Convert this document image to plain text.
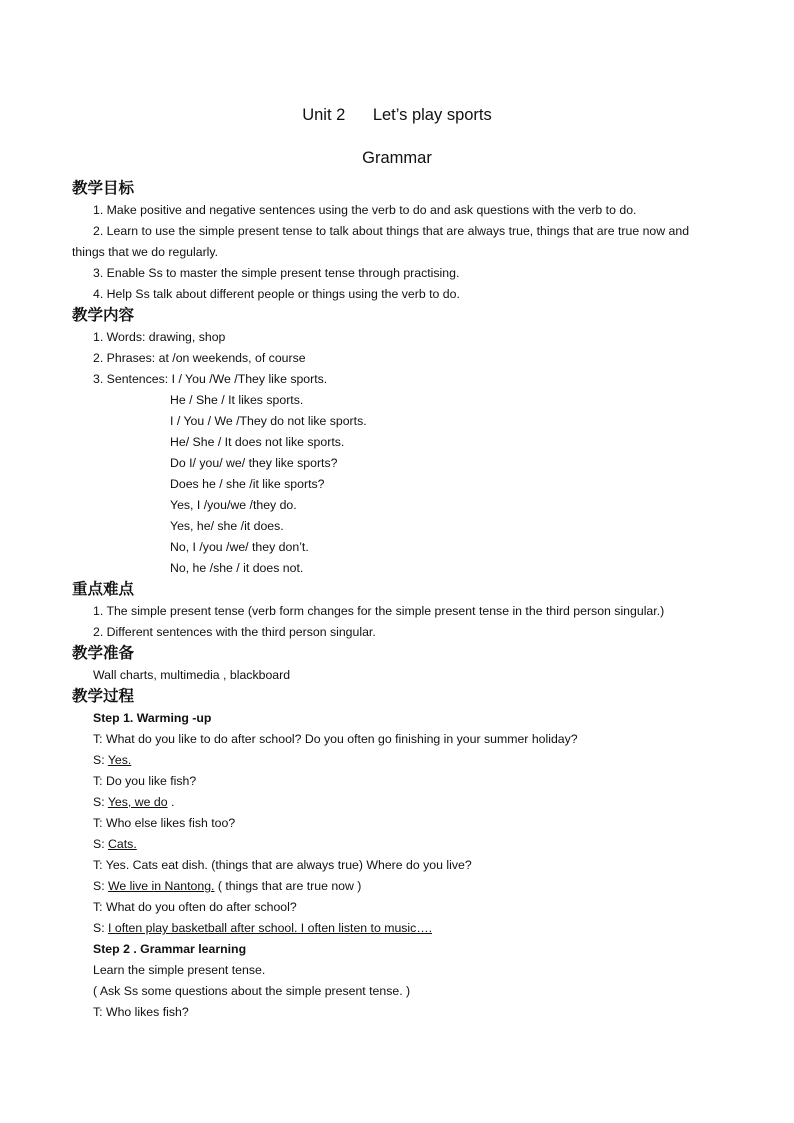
Unit 2      Let’s play sports
Grammar
教学目标
1. Make positive and negative sentences using the verb to do and ask questions with the verb to do.
2. Learn to use the simple present tense to talk about things that are always true, things that are true now and things that we do regularly.
3. Enable Ss to master the simple present tense through practising.
4. Help Ss talk about different people or things using the verb to do.
教学内容
1. Words: drawing, shop
2. Phrases: at /on weekends, of course
3. Sentences: I / You /We /They like sports.
He / She / It likes sports.
I / You / We /They do not like sports.
He/ She / It does not like sports.
Do I/ you/ we/ they like sports?
Does he / she /it like sports?
Yes, I /you/we /they do.
Yes, he/ she /it does.
No, I /you /we/ they don’t.
No, he /she / it does not.
重点难点
1. The simple present tense (verb form changes for the simple present tense in the third person singular.)
2. Different sentences with the third person singular.
教学准备
Wall charts, multimedia , blackboard
教学过程
Step 1. Warming -up
T: What do you like to do after school? Do you often go finishing in your summer holiday?
S: Yes.
T: Do you like fish?
S: Yes, we do .
T: Who else likes fish too?
S: Cats.
T: Yes. Cats eat dish. (things that are always true) Where do you live?
S: We live in Nantong. ( things that are true now )
T: What do you often do after school?
S: I often play basketball after school. I often listen to music….
Step 2 . Grammar learning
Learn the simple present tense.
( Ask Ss some questions about the simple present tense. )
T: Who likes fish?
